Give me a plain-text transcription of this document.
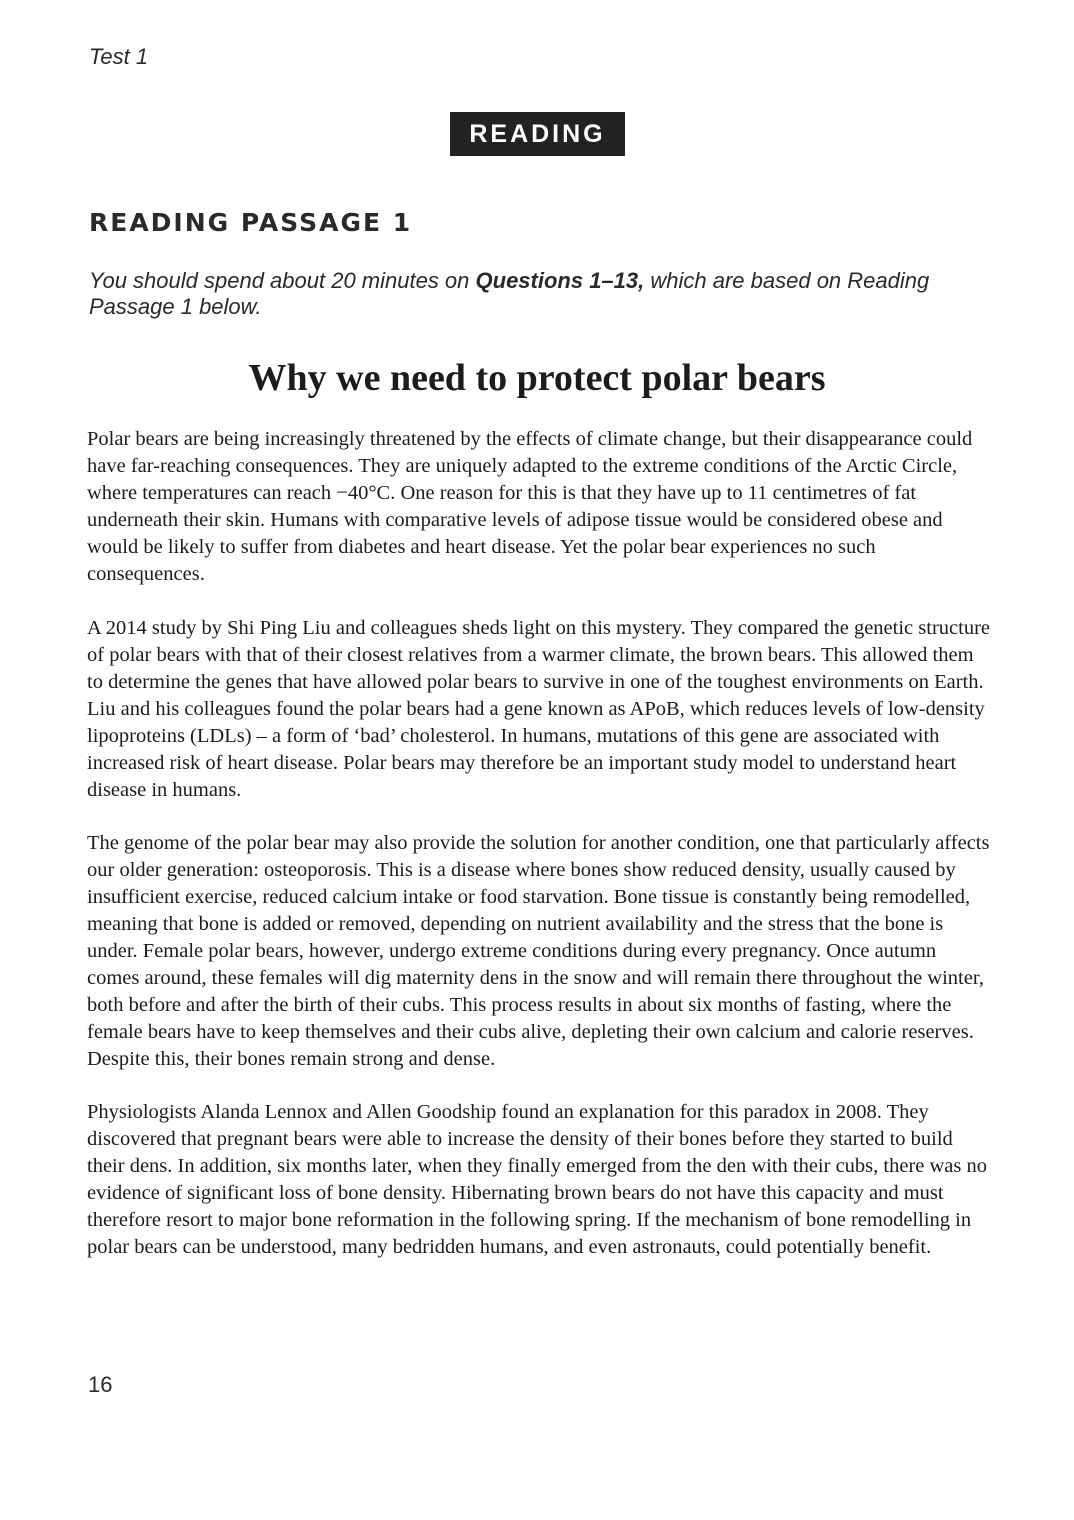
Test 1
READING
READING PASSAGE 1
You should spend about 20 minutes on Questions 1–13, which are based on Reading Passage 1 below.
Why we need to protect polar bears

Polar bears are being increasingly threatened by the effects of climate change, but their disappearance could have far-reaching consequences. They are uniquely adapted to the extreme conditions of the Arctic Circle, where temperatures can reach −40°C. One reason for this is that they have up to 11 centimetres of fat underneath their skin. Humans with comparative levels of adipose tissue would be considered obese and would be likely to suffer from diabetes and heart disease. Yet the polar bear experiences no such consequences.

A 2014 study by Shi Ping Liu and colleagues sheds light on this mystery. They compared the genetic structure of polar bears with that of their closest relatives from a warmer climate, the brown bears. This allowed them to determine the genes that have allowed polar bears to survive in one of the toughest environments on Earth. Liu and his colleagues found the polar bears had a gene known as APoB, which reduces levels of low-density lipoproteins (LDLs) – a form of ‘bad’ cholesterol. In humans, mutations of this gene are associated with increased risk of heart disease. Polar bears may therefore be an important study model to understand heart disease in humans.

The genome of the polar bear may also provide the solution for another condition, one that particularly affects our older generation: osteoporosis. This is a disease where bones show reduced density, usually caused by insufficient exercise, reduced calcium intake or food starvation. Bone tissue is constantly being remodelled, meaning that bone is added or removed, depending on nutrient availability and the stress that the bone is under. Female polar bears, however, undergo extreme conditions during every pregnancy. Once autumn comes around, these females will dig maternity dens in the snow and will remain there throughout the winter, both before and after the birth of their cubs. This process results in about six months of fasting, where the female bears have to keep themselves and their cubs alive, depleting their own calcium and calorie reserves. Despite this, their bones remain strong and dense.

Physiologists Alanda Lennox and Allen Goodship found an explanation for this paradox in 2008. They discovered that pregnant bears were able to increase the density of their bones before they started to build their dens. In addition, six months later, when they finally emerged from the den with their cubs, there was no evidence of significant loss of bone density. Hibernating brown bears do not have this capacity and must therefore resort to major bone reformation in the following spring. If the mechanism of bone remodelling in polar bears can be understood, many bedridden humans, and even astronauts, could potentially benefit.

16
